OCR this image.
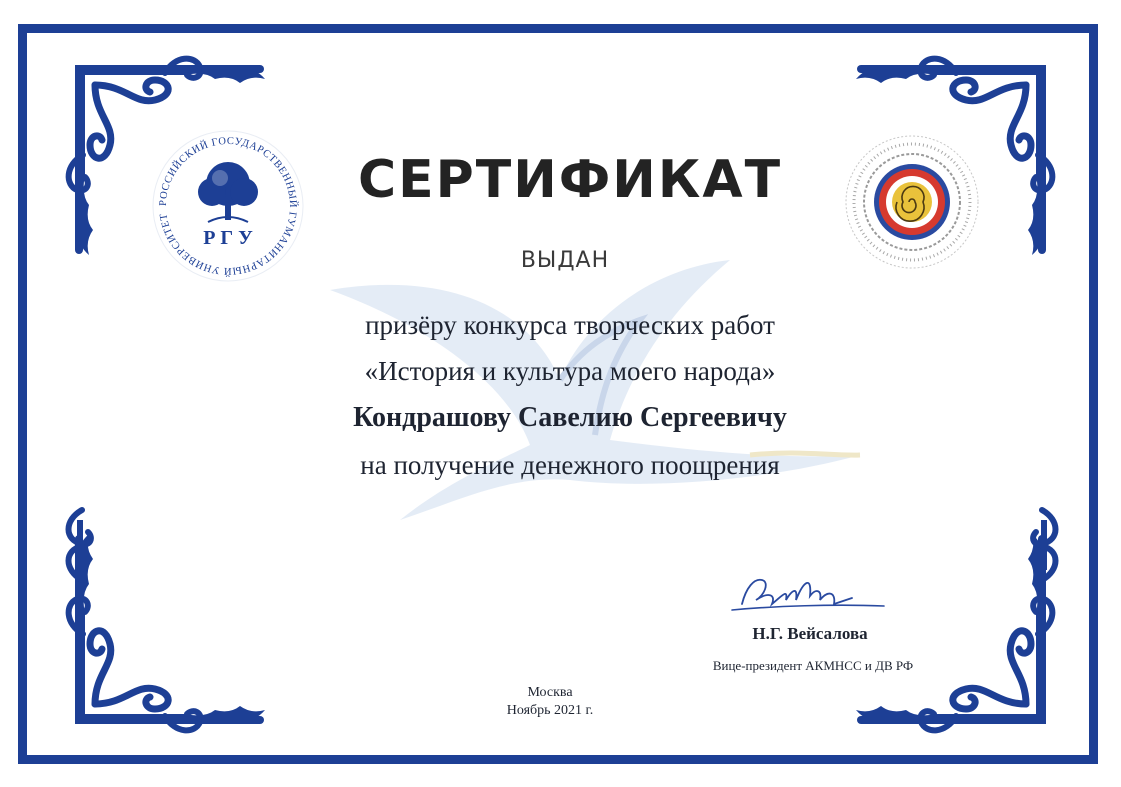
РОССИЙСКИЙ ГОСУДАРСТВЕННЫЙ ГУМАНИТАРНЫЙ УНИВЕРСИТЕТ
Р Г У
СЕРТИФИКАТ
ВЫДАН
призёру конкурса творческих работ
«История и культура моего народа»
Кондрашову Савелию Сергеевичу
на получение денежного поощрения
Н.Г. Вейсалова
Вице-президент АКМНСС и ДВ РФ
Москва
Ноябрь 2021 г.
